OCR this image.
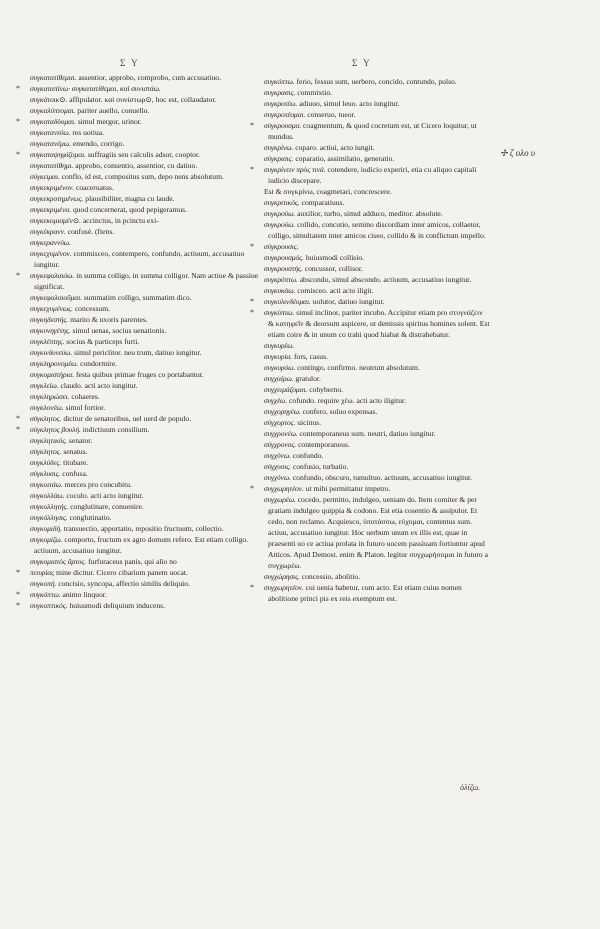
Σ Υ	Σ Υ

συγκατατίθεμαι. assentior, approbo, comprobo, cum accusatiuo.

* συγκαταπίνω· συγκατατίθεμαι, καὶ συνιστάω.

συγκάτοικ⊙. affipulator. καὶ συνίστωρ⊙, hoc est, collaudator.

συγκαλύπτομαι. pariter auello, conuello.

* συγκαταδύομαι. simul mergor, urinor.

συγκατανεύω. res uotiua.

συγκατανέμω. emendo, corrigo.

* συγκαταψηφίζομαι. suffragiis seu calculis adsor, cooptor.

συγκατατίθημι. approbo, consentio, assentior, cu datiuo.

σύγκειμαι. conflo, id est, compositus sum, depo nens absolutum.

συγκεκριμένον. coaceruatus.

συγκεκροτημένως. plausibiliter, magna cu laude.

συγκεκριμένα. quod concernerat, quod pepigeramus.

συγκεκομισμέν⊙. accinctus, in pcinctu exi-

συγκέκρανν. confusè. (ftens.

συγκεραννύω.

συγκεχυμένον. commisceo, contempero, confundo, actiuum, accusatiuo iungitur.

* συγκεφαλαιόω. in summa colligo, in summa colligor. Nam actiue & passiue significat.

συγκεφαλαιοῦμαι. summatim colligo, summatim dico.

συγκεχυμένως. concessum.

συγκηδεστής. marito & uxoris parentes.

συγκυνηγέτης. simul uenas, socius uenationis.

συγκλέπτης. socius & particeps furti.

συγκινδυνεύω. simul periclitor. neu trum, datiuo iungitur.

συγκληρονομέω. condormire.

συγκομιστήρια. festa quibus primae fruges co portabantur.

συγκλείω. claudo. acti acto iungitur.

συγκληρώσει. cohaeres.

συγκλονέω. simul fortior.

* σύγκλητος. dicitur de senatoribus, uel uerd de populo.

* σύγκλητος βουλή. indictiuum consilium.

συγκλητικός. senator.

σύγκλητος. senatus.

συγκλύδες. titubare.

σύγκλυσις. confusa.

συγκοιτάω. merces pro concubitu.

συγκολλάω. coculo. acti acto iungitur.

συγκολλητής. conglutinare, conuenire.

συγκόλλησις. conglutinatio.

συγκομιδή. transuectio, apportatio, repositio fructuum, collectio.

συγκομίζω. comporto, fructum ex agro domum refero. Est etiam colligo. actiuum, accusatiuo iungitur.

συγκομιστὸς ἄρτος. furfuraceus panis, qui alio no

* πιτυρίας mine dicitur. Cicero cibarium panem uocat.

συγκοπή. concisio, syncopa, affectio similis deliquio.

* συγκόπτω. animo linquor.

* συγκοπτικός. huiusmodi deliquium inducens.

συγκόπτω. ferio, fessus sum, uerbero, concido, contundo, pulso.

συγκρασις. commixtio.

συγκροτέω. adiuuo, simul leuo. acto iungitur.

συγκροτέομαι. conseruo, tueor.

* σύγκρουσμα. coagmentum, & quod cocretum est, ut Cicero loquitur, ut mundus.

συγκρίνω. coparo. actiui, acto iungit.

σύγκρισις. coparatio, assimilatio, generatio.

* συγκρίνειν πρὸς τινά. cotendere, iudicio experiri, etia cu aliquo capitali iudicio discepare.

Est & συγκρίνω, coagmetari, concrescere.

συγκριτικός. comparatiuus.

συγκρούω. auxilior, turbo, simul adduco, meditor. absolute.

συγκρούω. collido, concutio, semino discordiam inter amicos, collaetor, colligo, simultatem inter amicos ciseo, collido & in conflictum impello.

* σύγκρουσις.

συγκρουσμός. huiusmodi collisio.

συγκρουστής. concussor, collisor.

συγκρύπτω. abscondo, simul abscondo. actiuum, accusatiuo iungitur.

συγκυκάω. comisceo. acti acto iligit.

* συγκυλινδέομαι. uolutor, datiuo iungitur.

* συγκύπτω. simul inclinor, pariter incubo. Accipitur etiam pro στυγνάζειν & κατηφεῖν & deorsum aspicere, ut demissis spiritus homines solent. Est etiam coire & in unum co trahi quod hiabat & distrahebatur.

συγκυρέω.

συγκυρία. fors, casus.

συγκυρόω. contingo, confirmo. neutrum absolutum.

συγχαίρω. gratulor.

συγχειμάζομαι. cohyberno.

συγχέω. cofundo. require χέω. acti acto iligitur.

συγχορηγέω. confero, soluo expensas.

σύγχορτος. uicinus.

συγχρονέω. contemporaneus sum. neutri, datiuo iungitur.

σύγχρονος. contemporaneus.

συγχύνω. confundo.

σύγχυσις. confusio, turbatio.

συγχύνω. confundo, obscuro, tumultuo. actiuum, accusatiuo iungitur.

* συγχωρητέον. ut mihi permittatur impetro.

συγχωρέω. cocedo, permitto, indulgeo, ueniam do. Item comiter & per gratiam indulgeo quippia & codono. Est etia cosentio & assipulor. Et cedo, non reclamo. Acquiesco, ὑποτάσσω, εὐχομαι, contentus sum. actiuu, accusatiuo iungitur. Hoc uerbum unum ex illis est, quae in praesenti uo ce actiua prolata in futuro uocem passiuam fortiuntur apud Atticos. Apud Demost. enim & Platon. legitur συγχωρήσομαι in futuro a συγχωρέω.

συγχώρησις. concessio, abolitio.

* συγχωρητέον. cui uenia habetur, cum acto. Est etiam cuius nomen abolitione princi pis ex reis exemptum est.

✢ ζ ολο υ
ὀλίζω.
